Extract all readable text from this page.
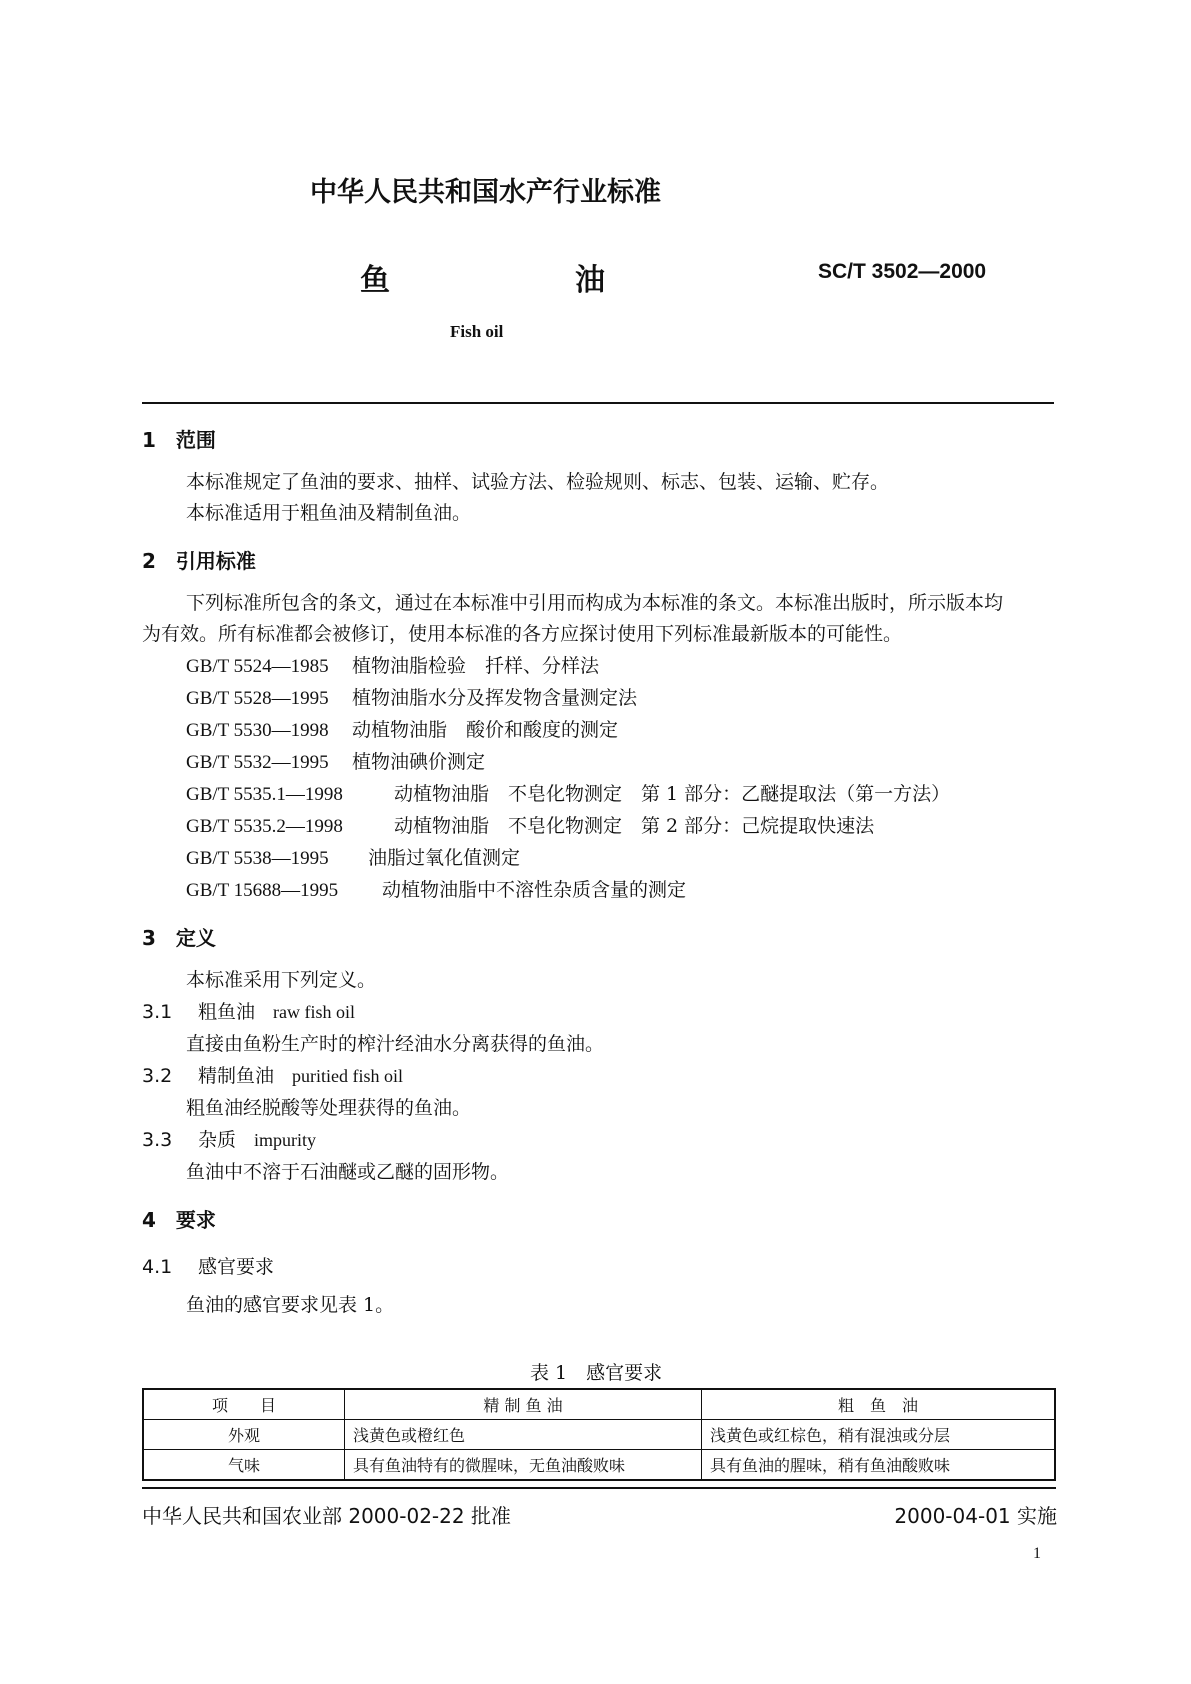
中华人民共和国水产行业标准
鱼	油	SC/T 3502—2000
Fish oil
1　范围
本标准规定了鱼油的要求、抽样、试验方法、检验规则、标志、包装、运输、贮存。
本标准适用于粗鱼油及精制鱼油。
2　引用标准
下列标准所包含的条文，通过在本标准中引用而构成为本标准的条文。本标准出版时，所示版本均
为有效。所有标准都会被修订，使用本标准的各方应探讨使用下列标准最新版本的可能性。
GB/T 5524—1985 植物油脂检验　扦样、分样法
GB/T 5528—1995 植物油脂水分及挥发物含量测定法
GB/T 5530—1998 动植物油脂　酸价和酸度的测定
GB/T 5532—1995 植物油碘价测定
GB/T 5535.1—1998	动植物油脂　不皂化物测定　第 1 部分：乙醚提取法（第一方法）
GB/T 5535.2—1998	动植物油脂　不皂化物测定　第 2 部分：己烷提取快速法
GB/T 5538—1995 油脂过氧化值测定
GB/T 15688—1995 动植物油脂中不溶性杂质含量的测定
3　定义
本标准采用下列定义。
3.1 粗鱼油 raw fish oil
直接由鱼粉生产时的榨汁经油水分离获得的鱼油。
3.2 精制鱼油 puritied fish oil
粗鱼油经脱酸等处理获得的鱼油。
3.3 杂质 impurity
鱼油中不溶于石油醚或乙醚的固形物。
4　要求
4.1 感官要求
鱼油的感官要求见表 1。
表 1　感官要求
项　　目	精 制 鱼 油	粗　鱼　油
外观	浅黄色或橙红色	浅黄色或红棕色，稍有混浊或分层
气味	具有鱼油特有的微腥味，无鱼油酸败味	具有鱼油的腥味，稍有鱼油酸败味
中华人民共和国农业部 2000-02-22 批准	2000-04-01 实施
1
